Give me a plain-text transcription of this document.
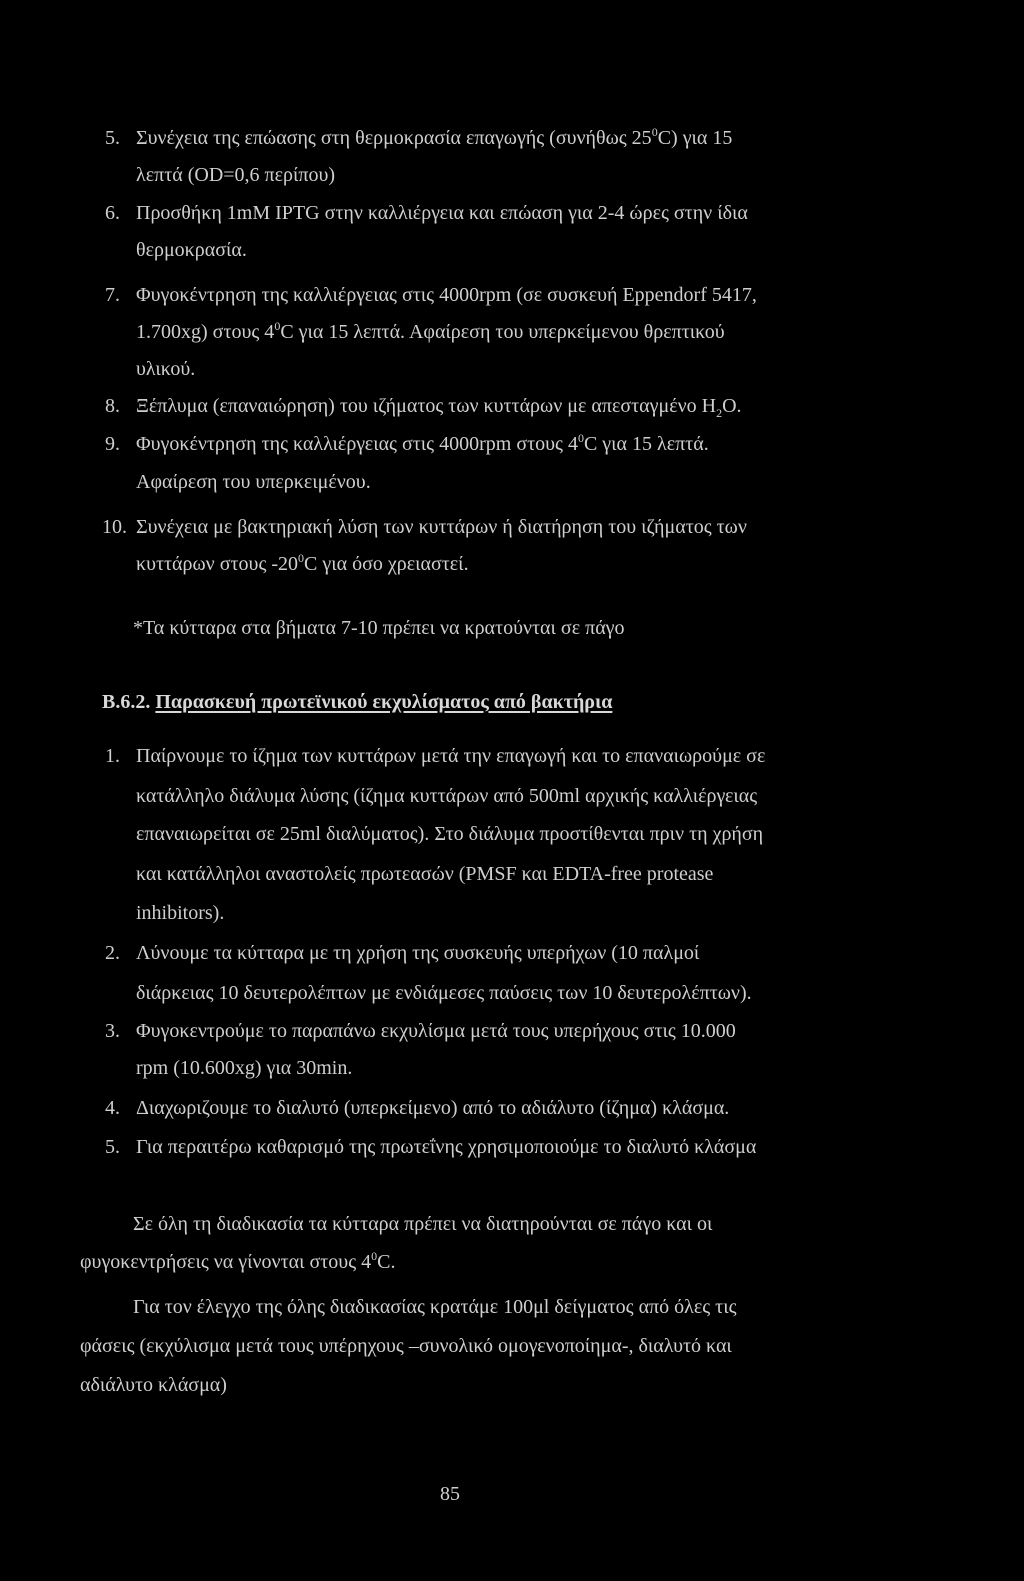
5. Συνέχεια της επώασης στη θερμοκρασία επαγωγής (συνήθως $25^0C$) για 15
λεπτά (OD=0,6 περίπου)
6. Προσθήκη 1mM IPTG στην καλλιέργεια και επώαση για 2-4 ώρες στην ίδια
θερμοκρασία.
7. Φυγοκέντρηση της καλλιέργειας στις 4000rpm (σε συσκευή Eppendorf 5417,
1.700xg) στους $4^0C$ για 15 λεπτά. Αφαίρεση του υπερκείμενου θρεπτικού
υλικού.
8. Ξέπλυμα (επαναιώρηση) του ιζήματος των κυττάρων με απεσταγμένο $H_2O$.
9. Φυγοκέντρηση της καλλιέργειας στις 4000rpm στους $4^0C$ για 15 λεπτά.
Αφαίρεση του υπερκειμένου.
10. Συνέχεια με βακτηριακή λύση των κυττάρων ή διατήρηση του ιζήματος των
κυττάρων στους $-20^0C$ για όσο χρειαστεί.
*Τα κύτταρα στα βήματα 7-10 πρέπει να κρατούνται σε πάγο
B.6.2. Παρασκευή πρωτεϊνικού εκχυλίσματος από βακτήρια
1. Παίρνουμε το ίζημα των κυττάρων μετά την επαγωγή και το επαναιωρούμε σε
κατάλληλο διάλυμα λύσης (ίζημα κυττάρων από 500ml αρχικής καλλιέργειας
επαναιωρείται σε 25ml διαλύματος). Στο διάλυμα προστίθενται πριν τη χρήση
και κατάλληλοι αναστολείς πρωτεασών (PMSF και EDTA-free protease
inhibitors).
2. Λύνουμε τα κύτταρα με τη χρήση της συσκευής υπερήχων (10 παλμοί
διάρκειας 10 δευτερολέπτων με ενδιάμεσες παύσεις των 10 δευτερολέπτων).
3. Φυγοκεντρούμε το παραπάνω εκχυλίσμα μετά τους υπερήχους στις 10.000
rpm (10.600xg) για 30min.
4. Διαχωριζουμε το διαλυτό (υπερκείμενο) από το αδιάλυτο (ίζημα) κλάσμα.
5. Για περαιτέρω καθαρισμό της πρωτεΐνης χρησιμοποιούμε το διαλυτό κλάσμα
Σε όλη τη διαδικασία τα κύτταρα πρέπει να διατηρούνται σε πάγο και οι
φυγοκεντρήσεις να γίνονται στους $4^0C$.
Για τον έλεγχο της όλης διαδικασίας κρατάμε 100μl δείγματος από όλες τις
φάσεις (εκχύλισμα μετά τους υπέρηχους –συνολικό ομογενοποίημα-, διαλυτό και
αδιάλυτο κλάσμα)
85
